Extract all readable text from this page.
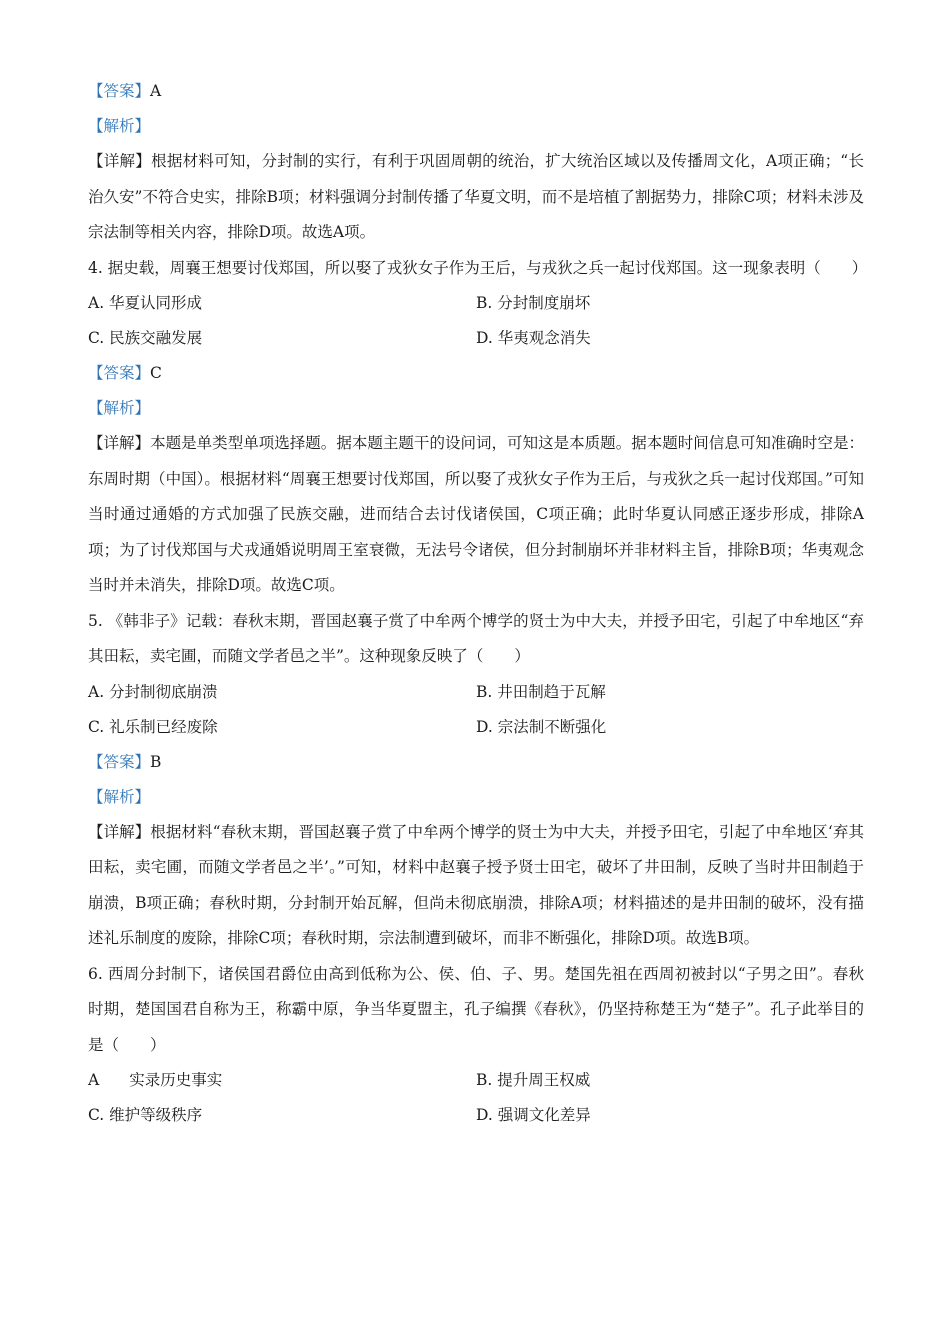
【答案】A
【解析】
【详解】根据材料可知，分封制的实行，有利于巩固周朝的统治，扩大统治区域以及传播周文化，A项正确；“长治久安”不符合史实，排除B项；材料强调分封制传播了华夏文明，而不是培植了割据势力，排除C项；材料未涉及宗法制等相关内容，排除D项。故选A项。
4. 据史载，周襄王想要讨伐郑国，所以娶了戎狄女子作为王后，与戎狄之兵一起讨伐郑国。这一现象表明（　　）
A. 华夏认同形成	B. 分封制度崩坏
C. 民族交融发展	D. 华夷观念消失
【答案】C
【解析】
【详解】本题是单类型单项选择题。据本题主题干的设问词，可知这是本质题。据本题时间信息可知准确时空是：东周时期（中国）。根据材料“周襄王想要讨伐郑国，所以娶了戎狄女子作为王后，与戎狄之兵一起讨伐郑国。”可知当时通过通婚的方式加强了民族交融，进而结合去讨伐诸侯国，C项正确；此时华夏认同感正逐步形成，排除A项；为了讨伐郑国与犬戎通婚说明周王室衰微，无法号令诸侯，但分封制崩坏并非材料主旨，排除B项；华夷观念当时并未消失，排除D项。故选C项。
5. 《韩非子》记载：春秋末期，晋国赵襄子赏了中牟两个博学的贤士为中大夫，并授予田宅，引起了中牟地区“弃其田耘，卖宅圃，而随文学者邑之半”。这种现象反映了（　　）
A. 分封制彻底崩溃	B. 井田制趋于瓦解
C. 礼乐制已经废除	D. 宗法制不断强化
【答案】B
【解析】
【详解】根据材料“春秋末期，晋国赵襄子赏了中牟两个博学的贤士为中大夫，并授予田宅，引起了中牟地区‘弃其田耘，卖宅圃，而随文学者邑之半’。”可知，材料中赵襄子授予贤士田宅，破坏了井田制，反映了当时井田制趋于崩溃，B项正确；春秋时期，分封制开始瓦解，但尚未彻底崩溃，排除A项；材料描述的是井田制的破坏，没有描述礼乐制度的废除，排除C项；春秋时期，宗法制遭到破坏，而非不断强化，排除D项。故选B项。
6. 西周分封制下，诸侯国君爵位由高到低称为公、侯、伯、子、男。楚国先祖在西周初被封以“子男之田”。春秋时期，楚国国君自称为王，称霸中原，争当华夏盟主，孔子编撰《春秋》，仍坚持称楚王为“楚子”。孔子此举目的是（　　）
A 实录历史事实	B. 提升周王权威
C. 维护等级秩序	D. 强调文化差异
